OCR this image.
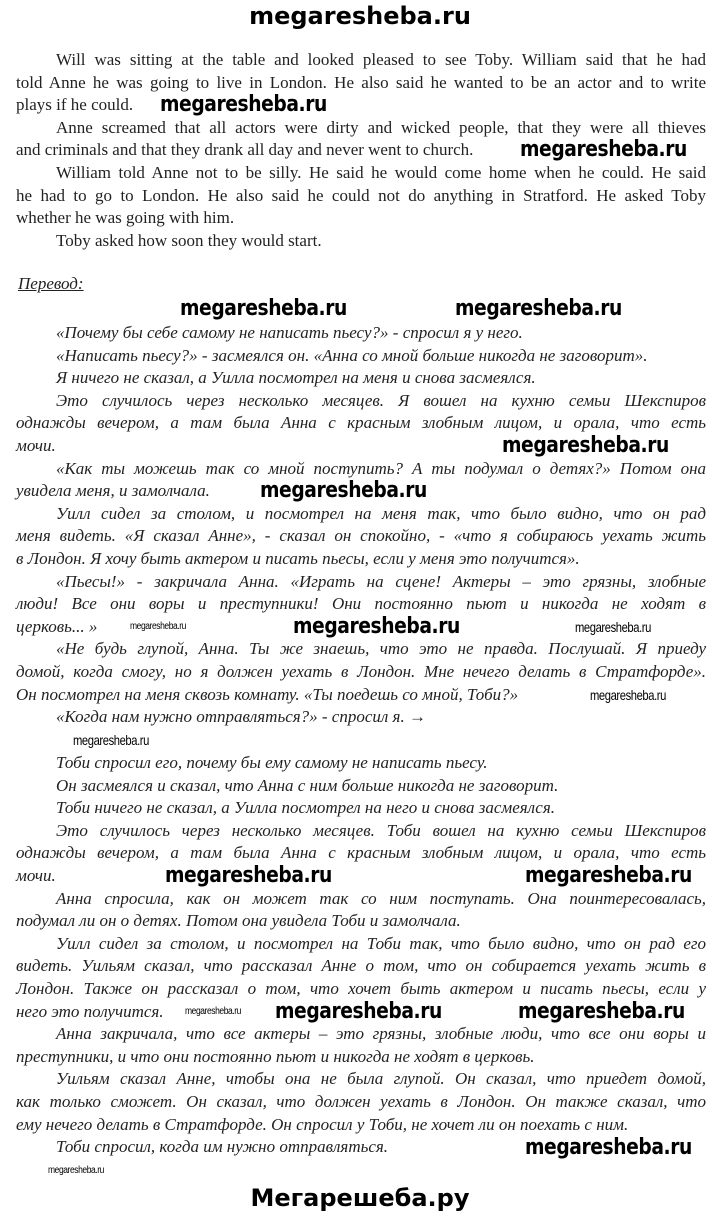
megaresheba.ru
Will was sitting at the table and looked pleased to see Toby. William said that he had
told Anne he was going to live in London. He also said he wanted to be an actor and to write
plays if he could.
Anne screamed that all actors were dirty and wicked people, that they were all thieves
and criminals and that they drank all day and never went to church.
William told Anne not to be silly. He said he would come home when he could. He said
he had to go to London. He also said he could not do anything in Stratford. He asked Toby
whether he was going with him.
Toby asked how soon they would start.
Перевод:
«Почему бы себе самому не написать пьесу?» - спросил я у него.
«Написать пьесу?» - засмеялся он. «Анна со мной больше никогда не заговорит».
Я ничего не сказал, а Уилла посмотрел на меня и снова засмеялся.
Это случилось через несколько месяцев. Я вошел на кухню семьи Шекспиров
однажды вечером, а там была Анна с красным злобным лицом, и орала, что есть
мочи.
«Как ты можешь так со мной поступить? А ты подумал о детях?» Потом она
увидела меня, и замолчала.
Уилл сидел за столом, и посмотрел на меня так, что было видно, что он рад
меня видеть. «Я сказал Анне», - сказал он спокойно, - «что я собираюсь уехать жить
в Лондон. Я хочу быть актером и писать пьесы, если у меня это получится».
«Пьесы!» - закричала Анна. «Играть на сцене! Актеры – это грязны, злобные
люди! Все они воры и преступники! Они постоянно пьют и никогда не ходят в
церковь... »
«Не будь глупой, Анна. Ты же знаешь, что это не правда. Послушай. Я приеду
домой, когда смогу, но я должен уехать в Лондон. Мне нечего делать в Стратфорде».
Он посмотрел на меня сквозь комнату. «Ты поедешь со мной, Тоби?»
«Когда нам нужно отправляться?» - спросил я. →
Тоби спросил его, почему бы ему самому не написать пьесу.
Он засмеялся и сказал, что Анна с ним больше никогда не заговорит.
Тоби ничего не сказал, а Уилла посмотрел на него и снова засмеялся.
Это случилось через несколько месяцев. Тоби вошел на кухню семьи Шекспиров
однажды вечером, а там была Анна с красным злобным лицом, и орала, что есть
мочи.
Анна спросила, как он может так со ним поступать. Она поинтересовалась,
подумал ли он о детях. Потом она увидела Тоби и замолчала.
Уилл сидел за столом, и посмотрел на Тоби так, что было видно, что он рад его
видеть. Уильям сказал, что рассказал Анне о том, что он собирается уехать жить в
Лондон. Также он рассказал о том, что хочет быть актером и писать пьесы, если у
него это получится.
Анна закричала, что все актеры – это грязны, злобные люди, что все они воры и
преступники, и что они постоянно пьют и никогда не ходят в церковь.
Уильям сказал Анне, чтобы она не была глупой. Он сказал, что приедет домой,
как только сможет. Он сказал, что должен уехать в Лондон. Он также сказал, что
ему нечего делать в Стратфорде. Он спросил у Тоби, не хочет ли он поехать с ним.
Тоби спросил, когда им нужно отправляться.
megaresheba.ru
megaresheba.ru
megaresheba.ru	megaresheba.ru
megaresheba.ru
megaresheba.ru
megaresheba.ru	megaresheba.ru	megaresheba.ru
megaresheba.ru
megaresheba.ru
megaresheba.ru	megaresheba.ru
megaresheba.ru megaresheba.ru	megaresheba.ru
megaresheba.ru
megaresheba.ru
Мегарешеба.ру
